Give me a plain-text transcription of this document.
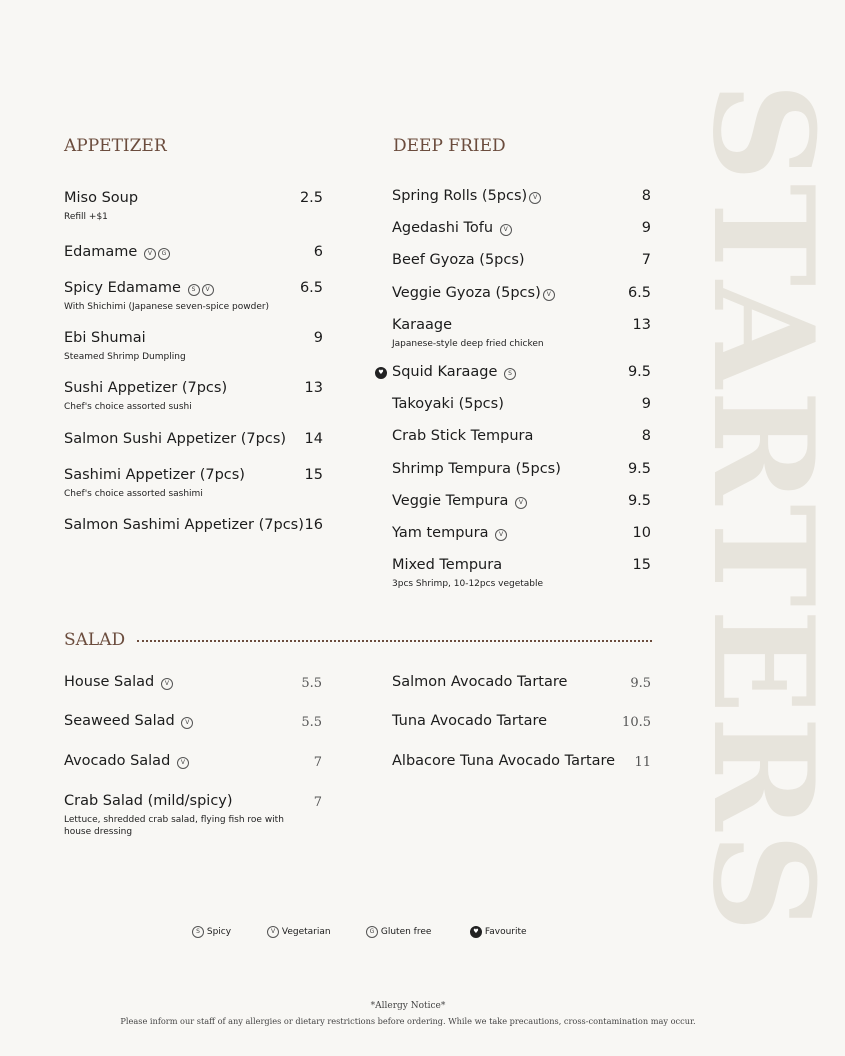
STARTERS
APPETIZER
Miso Soup
Refill +$1
2.5
Edamame V G	6
Spicy Edamame S V
With Shichimi (Japanese seven-spice powder)
6.5
Ebi Shumai
Steamed Shrimp Dumpling
9
Sushi Appetizer (7pcs)
Chef's choice assorted sushi
13
Salmon Sushi Appetizer (7pcs)	14
Sashimi Appetizer (7pcs)
Chef's choice assorted sashimi
15
Salmon Sashimi Appetizer (7pcs) 16
DEEP FRIED
Spring Rolls (5pcs) V	8
Agedashi Tofu V	9
Beef Gyoza (5pcs)	7
Veggie Gyoza (5pcs) V	6.5
Karaage
Japanese-style deep fried chicken
13
♥ Squid Karaage S	9.5
Takoyaki (5pcs)	9
Crab Stick Tempura	8
Shrimp Tempura (5pcs)	9.5
Veggie Tempura V	9.5
Yam tempura V	10
Mixed Tempura
3pcs Shrimp, 10-12pcs vegetable
15
SALAD
House Salad V	5.5
Seaweed Salad V	5.5
Avocado Salad V	7
Crab Salad (mild/spicy)
Lettuce, shredded crab salad, flying fish roe with house dressing
7
Salmon Avocado Tartare	9.5
Tuna Avocado Tartare	10.5
Albacore Tuna Avocado Tartare	11
S Spicy	V Vegetarian	G Gluten free	♥ Favourite
*Allergy Notice*
Please inform our staff of any allergies or dietary restrictions before ordering. While we take precautions, cross-contamination may occur.
